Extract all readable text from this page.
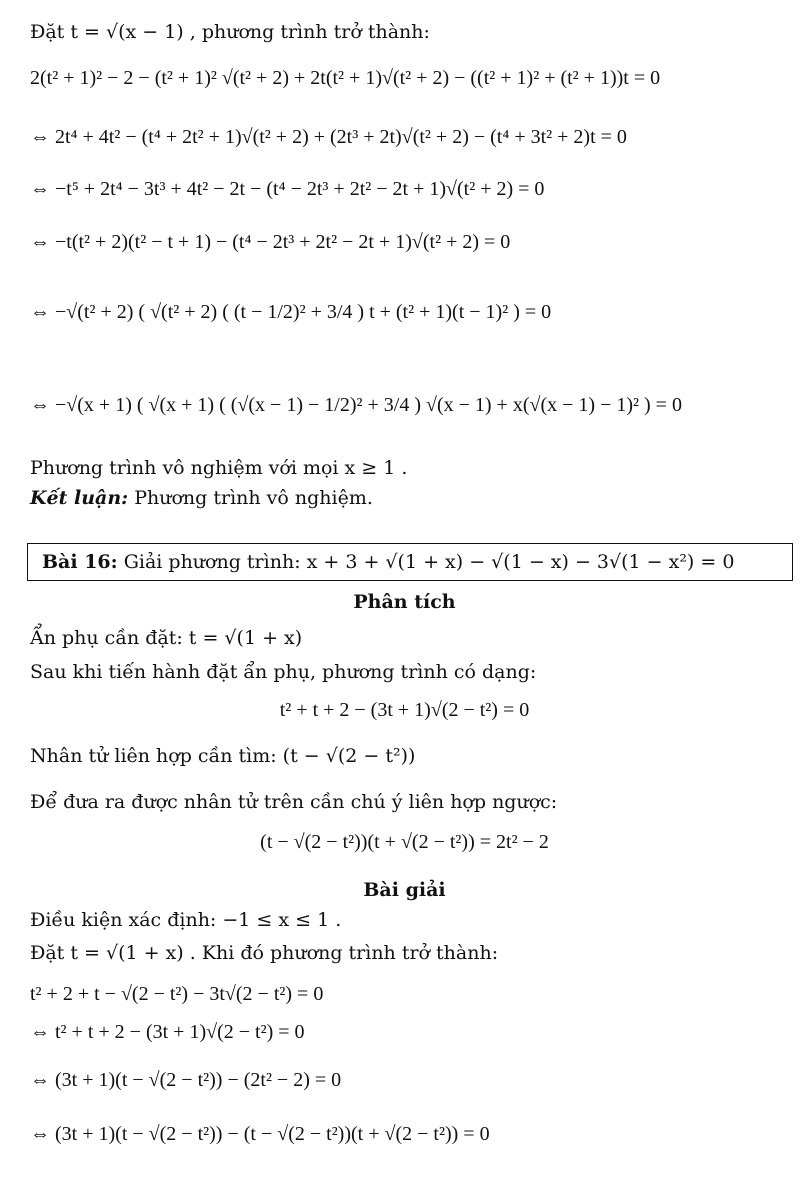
Đặt t = √(x − 1) , phương trình trở thành:
2(t² + 1)² − 2 − (t² + 1)² √(t² + 2) + 2t(t² + 1)√(t² + 2) − ((t² + 1)² + (t² + 1))t = 0
⇔ 2t⁴ + 4t² − (t⁴ + 2t² + 1)√(t² + 2) + (2t³ + 2t)√(t² + 2) − (t⁴ + 3t² + 2)t = 0
⇔ −t⁵ + 2t⁴ − 3t³ + 4t² − 2t − (t⁴ − 2t³ + 2t² − 2t + 1)√(t² + 2) = 0
⇔ −t(t² + 2)(t² − t + 1) − (t⁴ − 2t³ + 2t² − 2t + 1)√(t² + 2) = 0
⇔ −√(t² + 2) ( √(t² + 2) ( (t − 1/2)² + 3/4 ) t + (t² + 1)(t − 1)² ) = 0
⇔ −√(x + 1) ( √(x + 1) ( (√(x − 1) − 1/2)² + 3/4 ) √(x − 1) + x(√(x − 1) − 1)² ) = 0
Phương trình vô nghiệm với mọi x ≥ 1 .
Kết luận: Phương trình vô nghiệm.
Bài 16: Giải phương trình: x + 3 + √(1 + x) − √(1 − x) − 3√(1 − x²) = 0
Phân tích
Ẩn phụ cần đặt: t = √(1 + x)
Sau khi tiến hành đặt ẩn phụ, phương trình có dạng:
t² + t + 2 − (3t + 1)√(2 − t²) = 0
Nhân tử liên hợp cần tìm: (t − √(2 − t²))
Để đưa ra được nhân tử trên cần chú ý liên hợp ngược:
(t − √(2 − t²))(t + √(2 − t²)) = 2t² − 2
Bài giải
Điều kiện xác định: −1 ≤ x ≤ 1 .
Đặt t = √(1 + x) . Khi đó phương trình trở thành:
t² + 2 + t − √(2 − t²) − 3t√(2 − t²) = 0
⇔ t² + t + 2 − (3t + 1)√(2 − t²) = 0
⇔ (3t + 1)(t − √(2 − t²)) − (2t² − 2) = 0
⇔ (3t + 1)(t − √(2 − t²)) − (t − √(2 − t²))(t + √(2 − t²)) = 0
